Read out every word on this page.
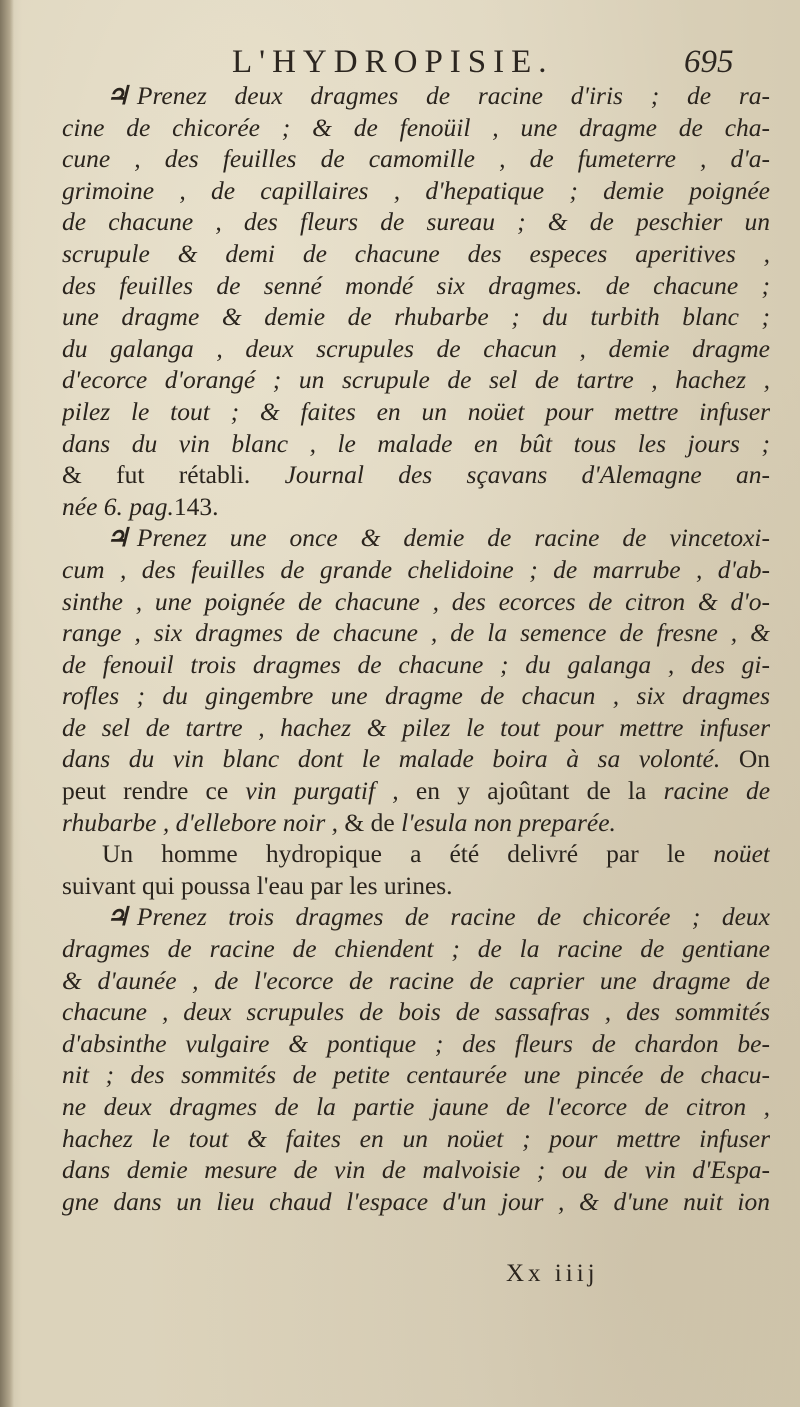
L'HYDROPISIE.	695
♃ Prenez deux dragmes de racine d'iris ; de ra-
cine de chicorée ; & de fenoüil , une dragme de cha-
cune , des feuilles de camomille , de fumeterre , d'a-
grimoine , de capillaires , d'hepatique ; demie poignée
de chacune , des fleurs de sureau ; & de peschier un
scrupule & demi de chacune des especes aperitives ,
des feuilles de senné mondé six dragmes. de chacune ;
une dragme & demie de rhubarbe ; du turbith blanc ;
du galanga , deux scrupules de chacun , demie dragme
d'ecorce d'orangé ; un scrupule de sel de tartre , hachez ,
pilez le tout ; & faites en un noüet pour mettre infuser
dans du vin blanc , le malade en bût tous les jours ;
& fut rétabli. Journal des sçavans d'Alemagne an-
née 6. pag.143.
♃ Prenez une once & demie de racine de vincetoxi-
cum , des feuilles de grande chelidoine ; de marrube , d'ab-
sinthe , une poignée de chacune , des ecorces de citron & d'o-
range , six dragmes de chacune , de la semence de fresne , &
de fenouil trois dragmes de chacune ; du galanga , des gi-
rofles ; du gingembre une dragme de chacun , six dragmes
de sel de tartre , hachez & pilez le tout pour mettre infuser
dans du vin blanc dont le malade boira à sa volonté. On
peut rendre ce vin purgatif , en y ajoûtant de la racine de
rhubarbe , d'ellebore noir , & de l'esula non preparée.
Un homme hydropique a été delivré par le noüet
suivant qui poussa l'eau par les urines.
♃ Prenez trois dragmes de racine de chicorée ; deux
dragmes de racine de chiendent ; de la racine de gentiane
& d'aunée , de l'ecorce de racine de caprier une dragme de
chacune , deux scrupules de bois de sassafras , des sommités
d'absinthe vulgaire & pontique ; des fleurs de chardon be-
nit ; des sommités de petite centaurée une pincée de chacu-
ne deux dragmes de la partie jaune de l'ecorce de citron ,
hachez le tout & faites en un noüet ; pour mettre infuser
dans demie mesure de vin de malvoisie ; ou de vin d'Espa-
gne dans un lieu chaud l'espace d'un jour , & d'une nuit ion
Xx iiij
